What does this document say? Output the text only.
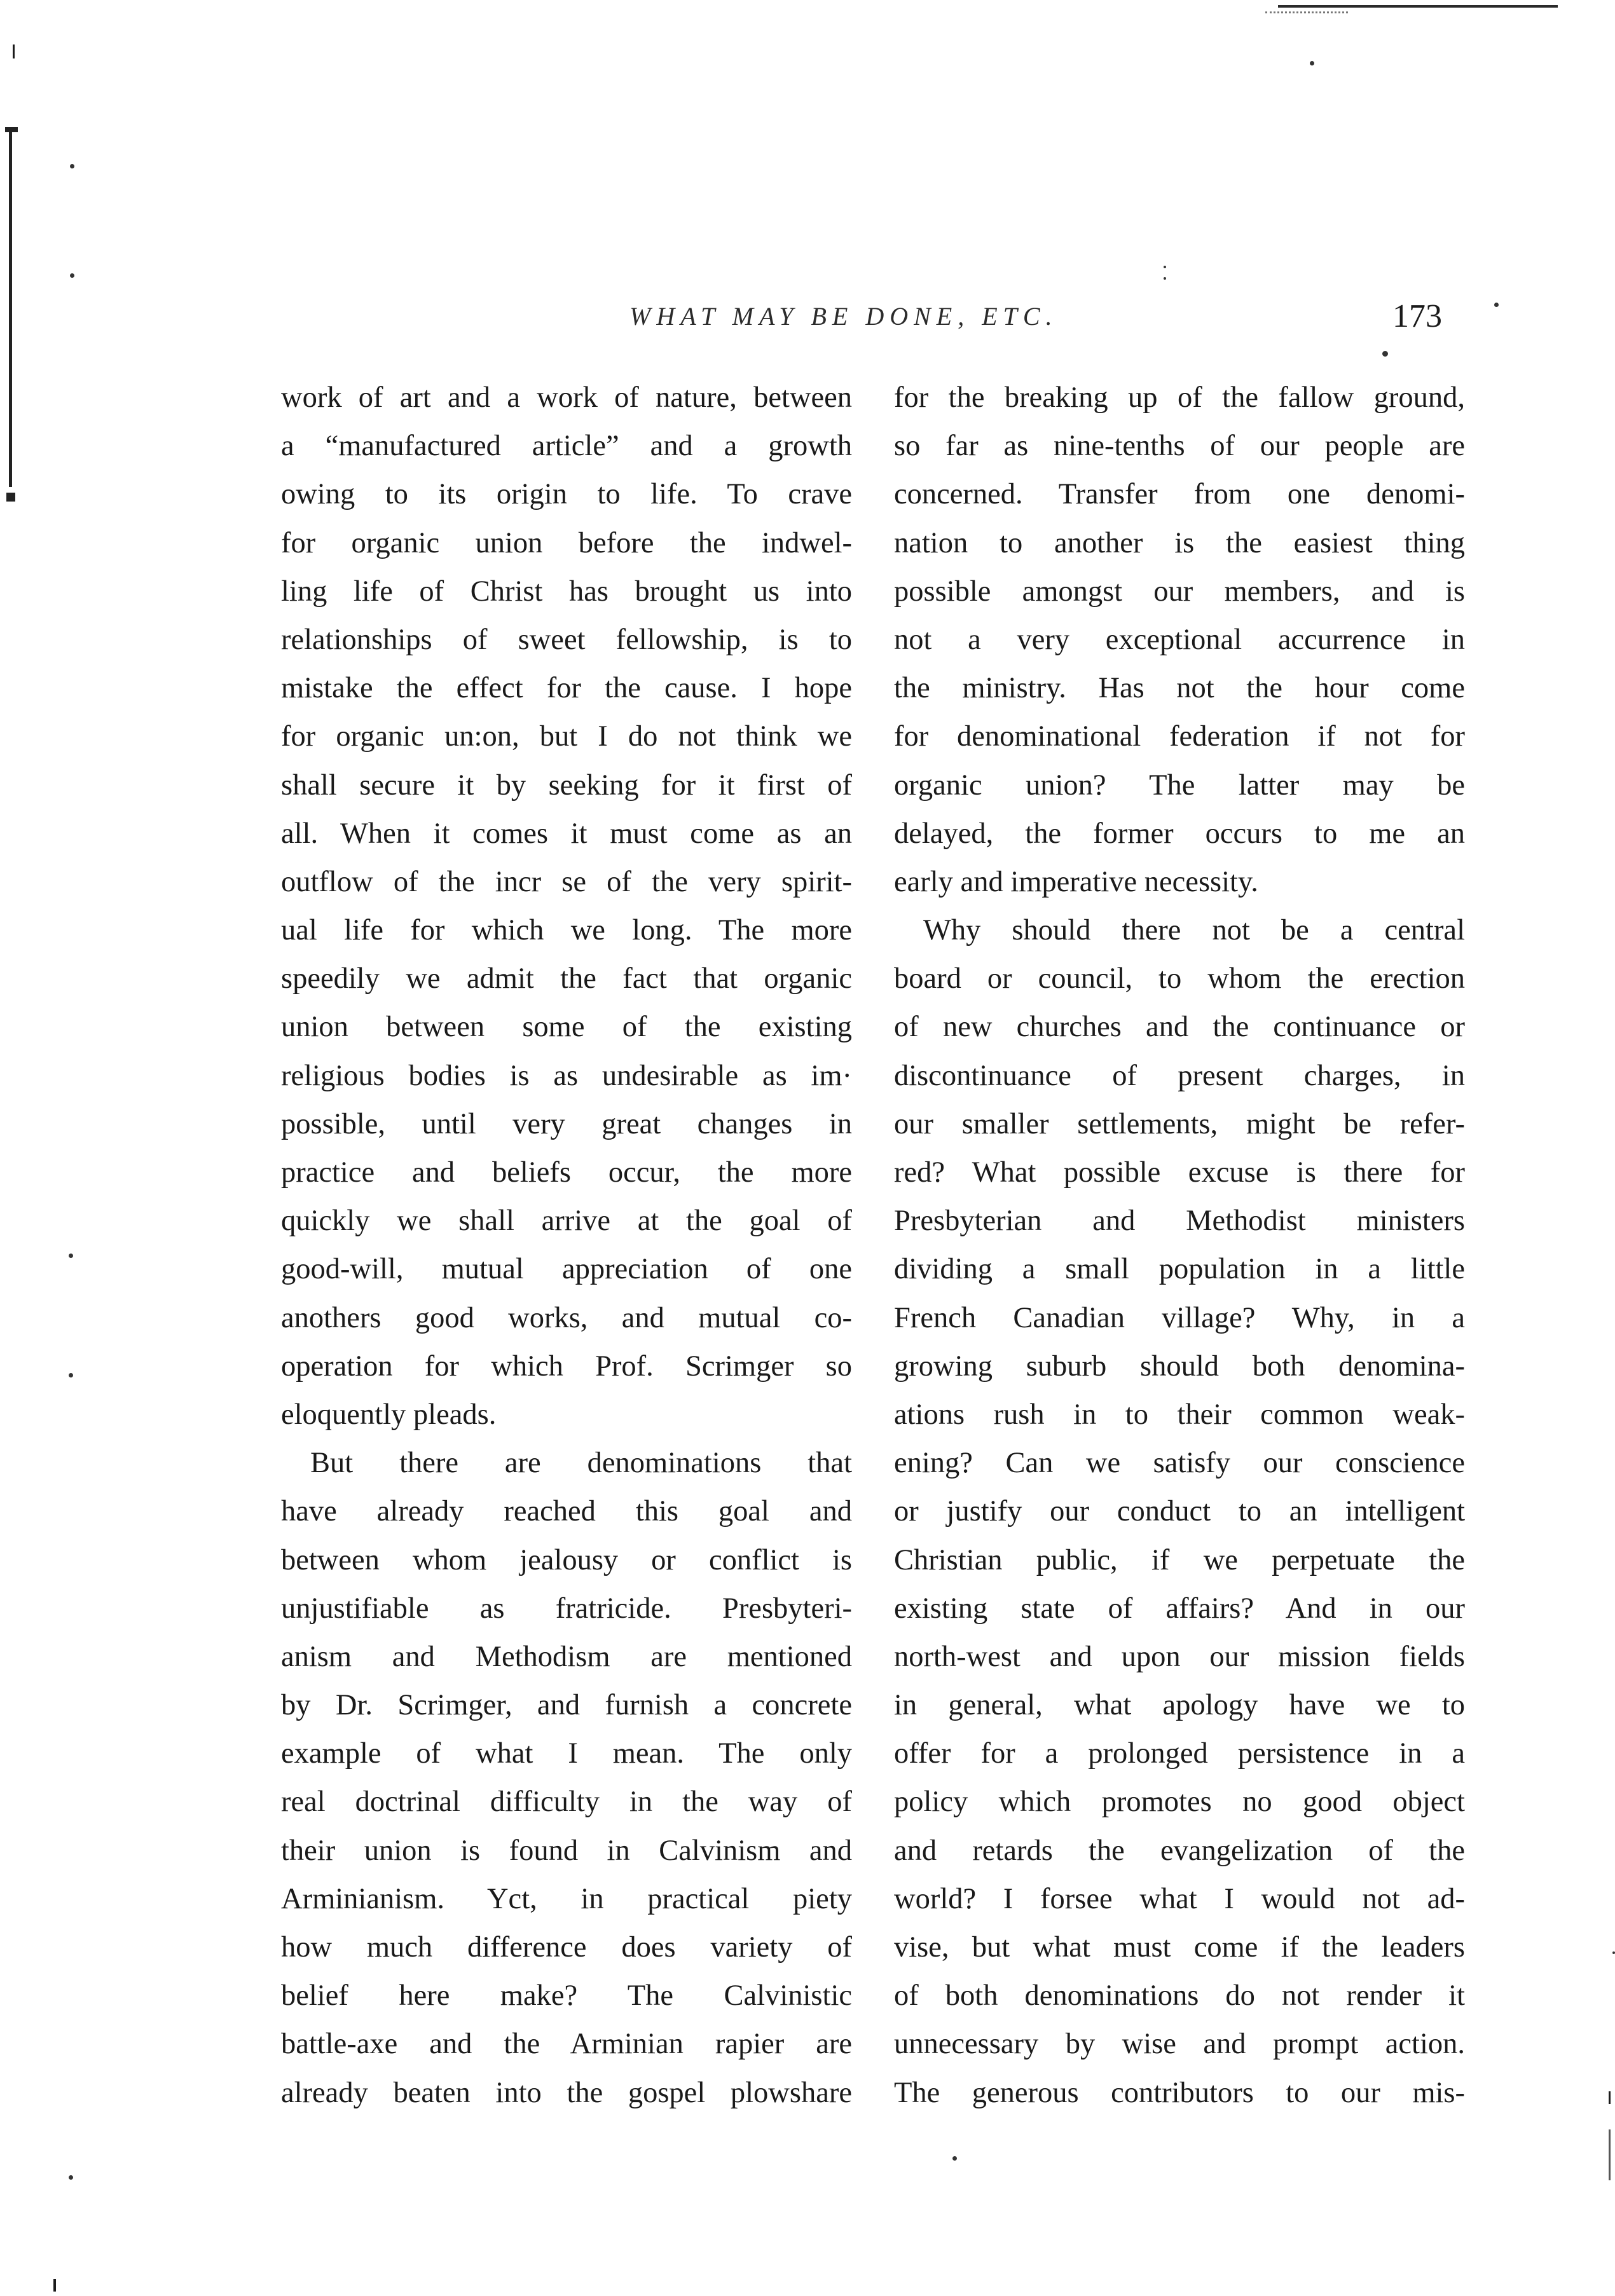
WHAT MAY BE DONE, ETC.	173
work of art and a work of nature, between
a “manufactured article” and a growth
owing to its origin to life. To crave
for organic union before the indwel-
ling life of Christ has brought us into
relationships of sweet fellowship, is to
mistake the effect for the cause. I hope
for organic un:on, but I do not think we
shall secure it by seeking for it first of
all. When it comes it must come as an
outflow of the incr se of the very spirit-
ual life for which we long. The more
speedily we admit the fact that organic
union between some of the existing
religious bodies is as undesirable as im·
possible, until very great changes in
practice and beliefs occur, the more
quickly we shall arrive at the goal of
good-will, mutual appreciation of one
anothers good works, and mutual co-
operation for which Prof. Scrimger so
eloquently pleads.
But there are denominations that
have already reached this goal and
between whom jealousy or conflict is
unjustifiable as fratricide. Presbyteri-
anism and Methodism are mentioned
by Dr. Scrimger, and furnish a concrete
example of what I mean. The only
real doctrinal difficulty in the way of
their union is found in Calvinism and
Arminianism. Yct, in practical piety
how much difference does variety of
belief here make? The Calvinistic
battle-axe and the Arminian rapier are
already beaten into the gospel plowshare
for the breaking up of the fallow ground,
so far as nine-tenths of our people are
concerned. Transfer from one denomi-
nation to another is the easiest thing
possible amongst our members, and is
not a very exceptional accurrence in
the ministry. Has not the hour come
for denominational federation if not for
organic union? The latter may be
delayed, the former occurs to me an
early and imperative necessity.
Why should there not be a central
board or council, to whom the erection
of new churches and the continuance or
discontinuance of present charges, in
our smaller settlements, might be refer-
red? What possible excuse is there for
Presbyterian and Methodist ministers
dividing a small population in a little
French Canadian village? Why, in a
growing suburb should both denomina-
ations rush in to their common weak-
ening? Can we satisfy our conscience
or justify our conduct to an intelligent
Christian public, if we perpetuate the
existing state of affairs? And in our
north-west and upon our mission fields
in general, what apology have we to
offer for a prolonged persistence in a
policy which promotes no good object
and retards the evangelization of the
world? I forsee what I would not ad-
vise, but what must come if the leaders
of both denominations do not render it
unnecessary by wise and prompt action.
The generous contributors to our mis-
